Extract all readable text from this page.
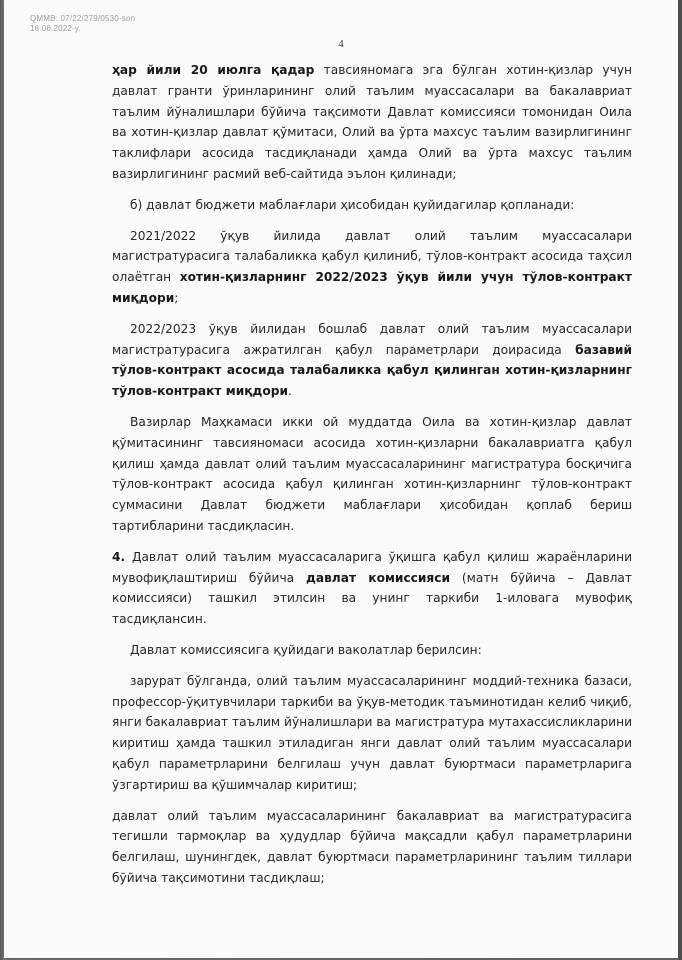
QMMB: 07/22/279/0530-son
16.06.2022-у.
4

ҳар йили 20 июлга қадар тавсияномага эга бўлган хотин-қизлар учун давлат гранти ўринларининг олий таълим муассасалари ва бакалавриат таълим йўналишлари бўйича тақсимоти Давлат комиссияси томонидан Оила ва хотин-қизлар давлат қўмитаси, Олий ва ўрта махсус таълим вазирлигининг таклифлари асосида тасдиқланади ҳамда Олий ва ўрта махсус таълим вазирлигининг расмий веб-сайтида эълон қилинади;

б) давлат бюджети маблағлари ҳисобидан қуйидагилар қопланади:

2021/2022 ўқув йилида давлат олий таълим муассасалари магистратурасига талабаликка қабул қилиниб, тўлов-контракт асосида таҳсил олаётган хотин-қизларнинг 2022/2023 ўқув йили учун тўлов-контракт миқдори;

2022/2023 ўқув йилидан бошлаб давлат олий таълим муассасалари магистратурасига ажратилган қабул параметрлари доирасида базавий тўлов-контракт асосида талабаликка қабул қилинган хотин-қизларнинг тўлов-контракт миқдори.

Вазирлар Маҳкамаси икки ой муддатда Оила ва хотин-қизлар давлат қўмитасининг тавсияномаси асосида хотин-қизларни бакалавриатга қабул қилиш ҳамда давлат олий таълим муассасаларининг магистратура босқичига тўлов-контракт асосида қабул қилинган хотин-қизларнинг тўлов-контракт суммасини Давлат бюджети маблағлари ҳисобидан қоплаб бериш тартибларини тасдиқласин.

4. Давлат олий таълим муассасаларига ўқишга қабул қилиш жараёнларини мувофиқлаштириш бўйича давлат комиссияси (матн бўйича – Давлат комиссияси) ташкил этилсин ва унинг таркиби 1-иловага мувофиқ тасдиқлансин.

Давлат комиссиясига қуйидаги ваколатлар берилсин:

зарурат бўлганда, олий таълим муассасаларининг моддий-техника базаси, профессор-ўқитувчилари таркиби ва ўқув-методик таъминотидан келиб чиқиб, янги бакалавриат таълим йўналишлари ва магистратура мутахассисликларини киритиш ҳамда ташкил этиладиган янги давлат олий таълим муассасалари қабул параметрларини белгилаш учун давлат буюртмаси параметрларига ўзгартириш ва қўшимчалар киритиш;

давлат олий таълим муассасаларининг бакалавриат ва магистратурасига тегишли тармоқлар ва ҳудудлар бўйича мақсадли қабул параметрларини белгилаш, шунингдек, давлат буюртмаси параметрларининг таълим тиллари бўйича тақсимотини тасдиқлаш;
